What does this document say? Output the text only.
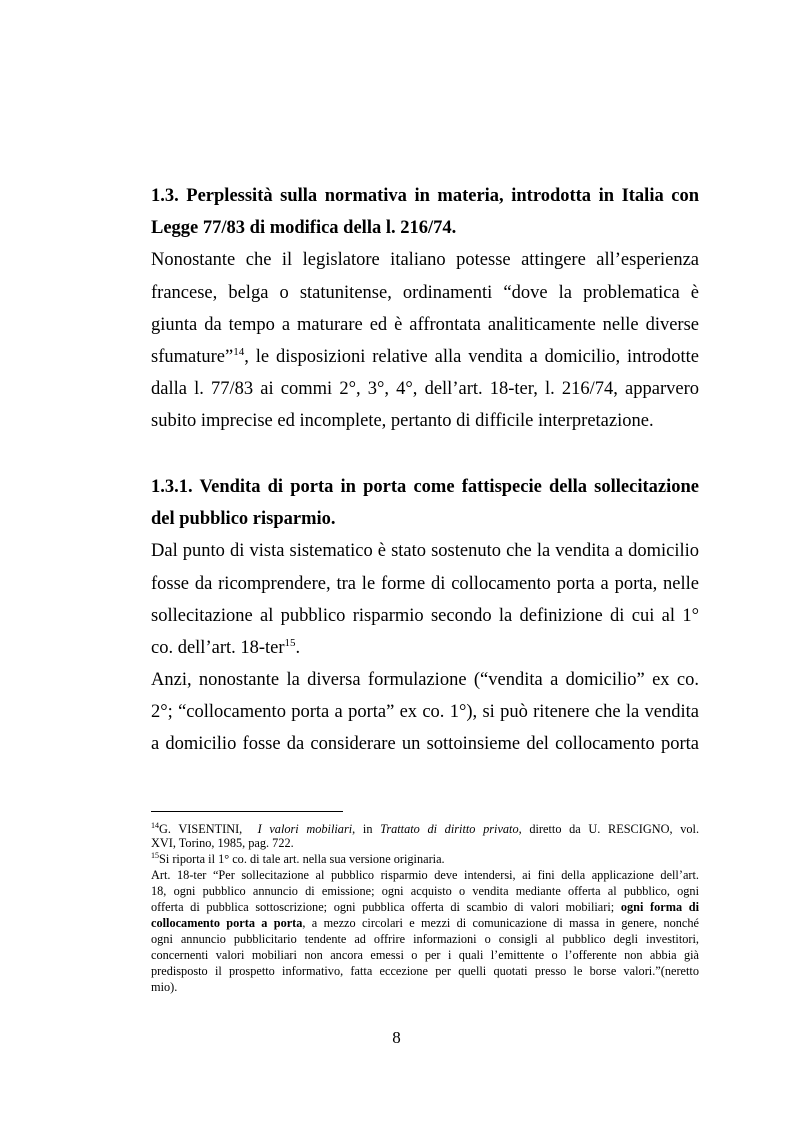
1.3. Perplessità sulla normativa in materia, introdotta in Italia con
Legge 77/83 di modifica della l. 216/74.
Nonostante che il legislatore italiano potesse attingere all’esperienza
francese, belga o statunitense, ordinamenti “dove la problematica è
giunta da tempo a maturare ed è affrontata analiticamente nelle diverse
sfumature”$^{14}$, le disposizioni relative alla vendita a domicilio, introdotte
dalla l. 77/83 ai commi 2°, 3°, 4°, dell’art. 18-ter, l. 216/74, apparvero
subito imprecise ed incomplete, pertanto di difficile interpretazione.
1.3.1. Vendita di porta in porta come fattispecie della sollecitazione
del pubblico risparmio.
Dal punto di vista sistematico è stato sostenuto che la vendita a domicilio
fosse da ricomprendere, tra le forme di collocamento porta a porta, nelle
sollecitazione al pubblico risparmio secondo la definizione di cui al 1°
co. dell’art. 18-ter$^{15}$.
Anzi, nonostante la diversa formulazione (“vendita a domicilio” ex co.
2°; “collocamento porta a porta” ex co. 1°), si può ritenere che la vendita
a domicilio fosse da considerare un sottoinsieme del collocamento porta
$^{14}$G. VISENTINI, I valori mobiliari, in Trattato di diritto privato, diretto da U. RESCIGNO, vol.
XVI, Torino, 1985, pag. 722.
$^{15}$Si riporta il 1° co. di tale art. nella sua versione originaria.
Art. 18-ter “Per sollecitazione al pubblico risparmio deve intendersi, ai fini della applicazione dell’art.
18, ogni pubblico annuncio di emissione; ogni acquisto o vendita mediante offerta al pubblico, ogni
offerta di pubblica sottoscrizione; ogni pubblica offerta di scambio di valori mobiliari; ogni forma di
collocamento porta a porta, a mezzo circolari e mezzi di comunicazione di massa in genere, nonché
ogni annuncio pubblicitario tendente ad offrire informazioni o consigli al pubblico degli investitori,
concernenti valori mobiliari non ancora emessi o per i quali l’emittente o l’offerente non abbia già
predisposto il prospetto informativo, fatta eccezione per quelli quotati presso le borse valori.”(neretto
mio).
8
